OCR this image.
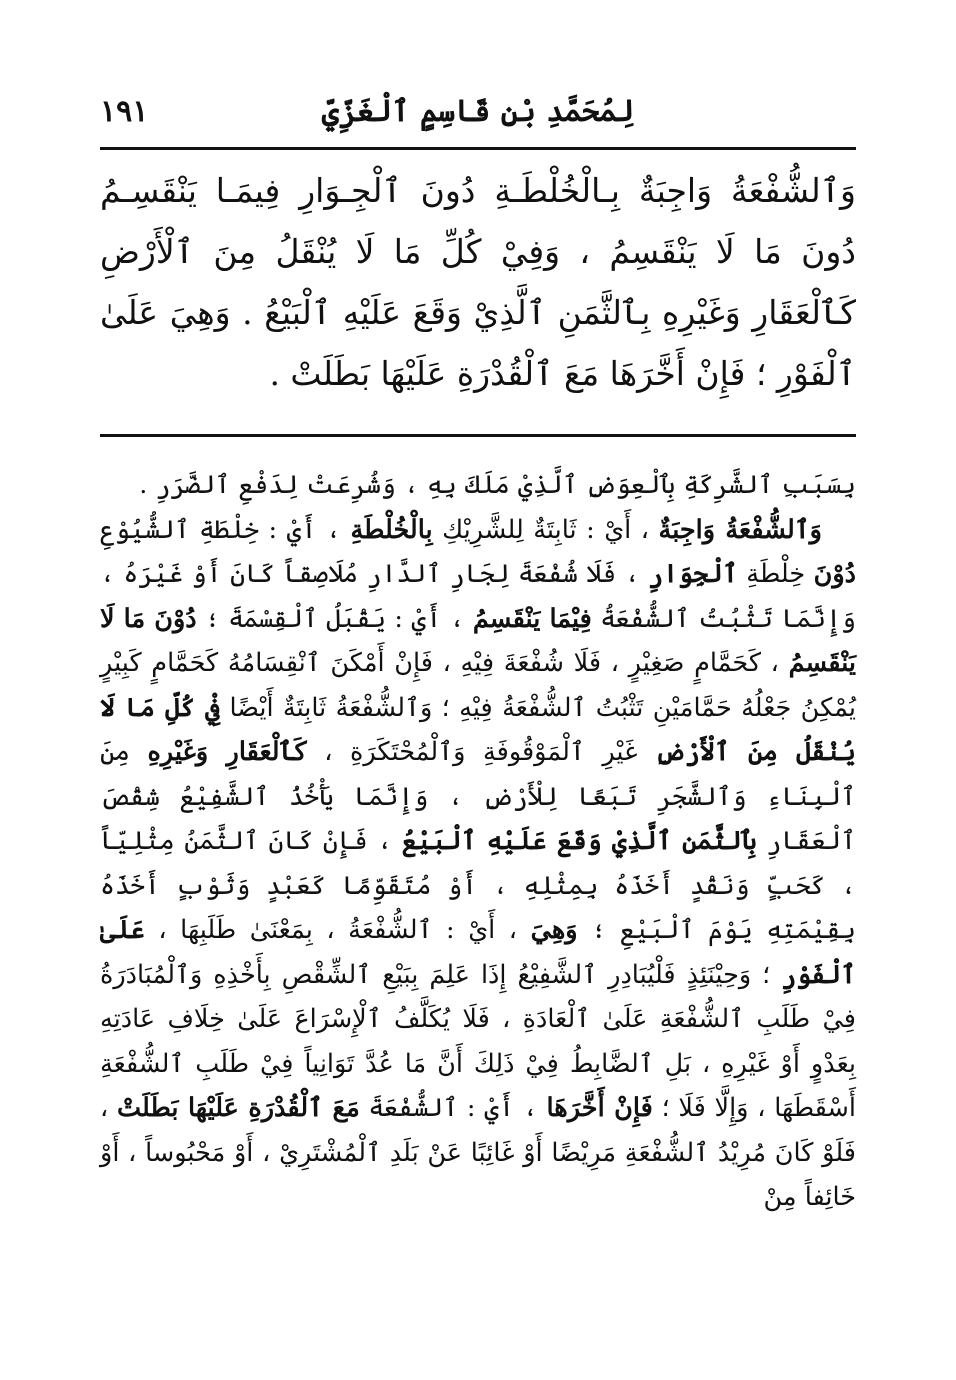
لِمُحَمَّدِ بْنِ قَاسِمٍ ٱلْغَزِّيِّ
١٩١
وَٱلشُّفْعَةُ وَاجِبَةٌ بِـالْخُلْطَـةِ دُونَ ٱلْجِـوَارِ فِيمَـا يَنْقَسِـمُ دُونَ مَا لَا يَنْقَسِمُ ، وَفِيْ كُلِّ مَا لَا يُنْقَلُ مِنَ ٱلْأَرْضِ كَٱلْعَقَارِ وَغَيْرِهِ بِٱلثَّمَنِ ٱلَّذِيْ وَقَعَ عَلَيْهِ ٱلْبَيْعُ . وَهِيَ عَلَىٰ ٱلْفَوْرِ ؛ فَإِنْ أَخَّرَهَا مَعَ ٱلْقُدْرَةِ عَلَيْهَا بَطَلَتْ .

بِسَبَبِ ٱلشَّرِكَةِ بِٱلْعِوَضِ ٱلَّذِيْ مَلَكَ بِهِ ، وَشُرِعَتْ لِدَفْعِ ٱلضَّرَرِ .

وَٱلشُّفْعَةُ وَاجِبَةٌ ، أَيْ : ثَابِتَةٌ لِلشَّرِيْكِ بِالْخُلْطَةِ ، أَيْ : خِلْطَةِ ٱلشُّيُوْعِ دُوْنَ خِلْطَةِ ٱلْجِوَارِ ، فَلَا شُفْعَةَ لِجَارِ ٱلدَّارِ مُلَاصِقاً كَانَ أَوْ غَيْرَهُ ، وَإِنَّمَا تَثْبُتُ ٱلشُّفْعَةُ فِيْمَا يَنْقَسِمُ ، أَيْ : يَقْبَلُ ٱلْقِسْمَةَ ؛ دُوْنَ مَا لَا يَنْقَسِمُ ، كَحَمَّامٍ صَغِيْرٍ ، فَلَا شُفْعَةَ فِيْهِ ، فَإِنْ أَمْكَنَ ٱنْقِسَامُهُ كَحَمَّامٍ كَبِيْرٍ يُمْكِنُ جَعْلُهُ حَمَّامَيْنِ تَثْبُتُ ٱلشُّفْعَةُ فِيْهِ ؛ وَٱلشُّفْعَةُ ثَابِتَةٌ أَيْضًا فِيْ كُلِّ مَا لَا يُنْقَلُ مِنَ ٱلْأَرْضِ غَيْرِ ٱلْمَوْقُوفَةِ وَٱلْمُحْتَكَرَةِ ، كَٱلْعَقَارِ وَغَيْرِهِ مِنَ ٱلْبِنَاءِ وَٱلشَّجَرِ تَبَعًا لِلْأَرْضِ ، وَإِنَّمَا يَأْخُذُ ٱلشَّفِيْعُ شِقْصَ ٱلْعَقَارِ بِٱلثَّمَنِ ٱلَّذِيْ وَقَعَ عَلَيْهِ ٱلْبَيْعُ ، فَإِنْ كَانَ ٱلثَّمَنُ مِثْلِيّاً ، كَحَبٍّ وَنَقْدٍ أَخَذَهُ بِمِثْلِهِ ، أَوْ مُتَقَوِّمًا كَعَبْدٍ وَثَوْبٍ أَخَذَهُ بِقِيْمَتِهِ يَوْمَ ٱلْبَيْعِ ؛ وَهِيَ ، أَيْ : ٱلشُّفْعَةُ ، بِمَعْنَىٰ طَلَبِهَا ، عَلَىٰ ٱلْفَوْرِ ؛ وَحِيْنَئِذٍ فَلْيُبَادِرِ ٱلشَّفِيْعُ إِذَا عَلِمَ بِبَيْعِ ٱلشِّقْصِ بِأَخْذِهِ وَٱلْمُبَادَرَةُ فِيْ طَلَبِ ٱلشُّفْعَةِ عَلَىٰ ٱلْعَادَةِ ، فَلَا يُكَلَّفُ ٱلْإِسْرَاعَ عَلَىٰ خِلَافِ عَادَتِهِ بِعَدْوٍ أَوْ غَيْرِهِ ، بَلِ ٱلضَّابِطُ فِيْ ذَلِكَ أَنَّ مَا عُدَّ تَوَانِياً فِيْ طَلَبِ ٱلشُّفْعَةِ أَسْقَطَهَا ، وَإِلَّا فَلَا ؛ فَإِنْ أَخَّرَهَا ، أَيْ : ٱلشُّفْعَةَ مَعَ ٱلْقُدْرَةِ عَلَيْهَا بَطَلَتْ ، فَلَوْ كَانَ مُرِيْدُ ٱلشُّفْعَةِ مَرِيْضًا أَوْ غَائِبًا عَنْ بَلَدِ ٱلْمُشْتَرِيْ ، أَوْ مَحْبُوساً ، أَوْ خَائِفاً مِنْ
